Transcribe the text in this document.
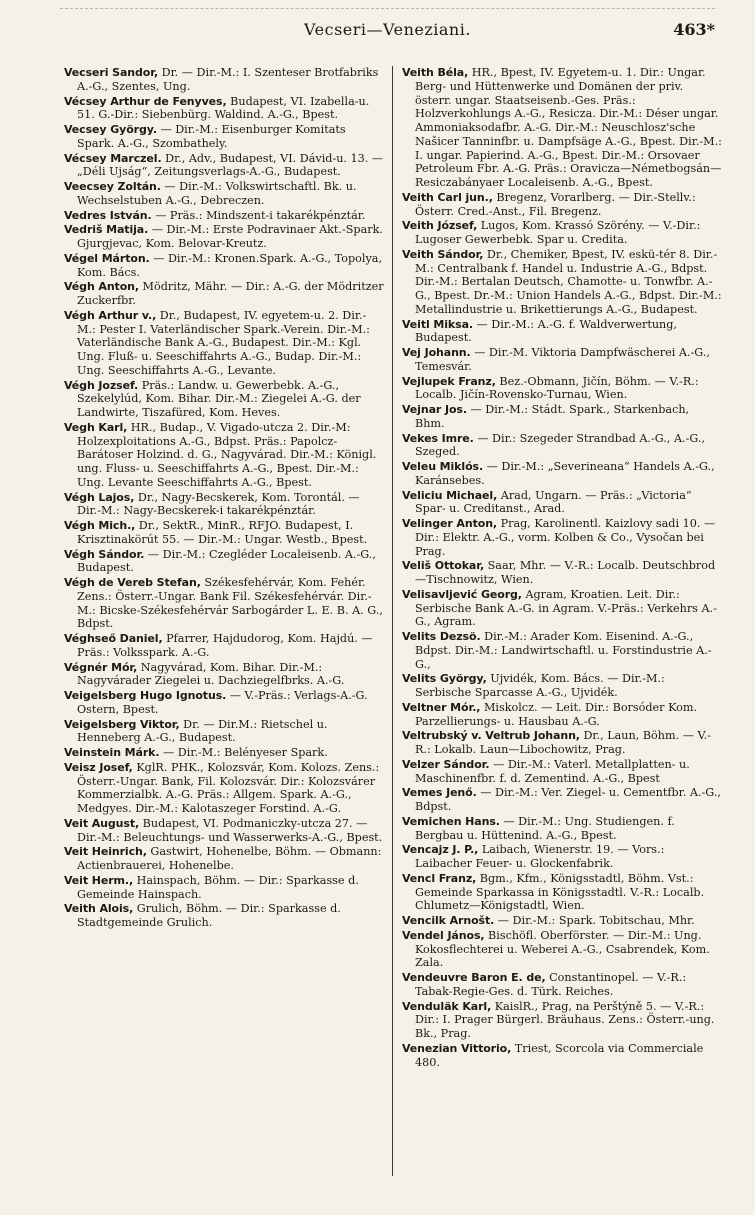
Vecseri—Veneziani.	463*
Vecseri Sandor, Dr. — Dir.-M.: I. Szenteser Brotfabriks A.-G., Szentes, Ung.
Vécsey Arthur de Fenyves, Budapest, VI. Izabella-u. 51. G.-Dir.: Siebenbürg. Waldind. A.-G., Bpest.
Vecsey György. — Dir.-M.: Eisenburger Komitats Spark. A.-G., Szombathely.
Vécsey Marczel. Dr., Adv., Budapest, VI. Dávid-u. 13. — „Déli Ujság“, Zeitungsverlags-A.-G., Budapest.
Veecsey Zoltán. — Dir.-M.: Volkswirtschaftl. Bk. u. Wechselstuben A.-G., Debreczen.
Vedres István. — Präs.: Mindszent-i takarékpénztár.
Vedriš Matija. — Dir.-M.: Erste Podravinaer Akt.-Spark. Gjurgjevac, Kom. Belovar-Kreutz.
Végel Márton. — Dir.-M.: Kronen.Spark. A.-G., Topolya, Kom. Bács.
Végh Anton, Mödritz, Mähr. — Dir.: A.-G. der Mödritzer Zuckerfbr.
Végh Arthur v., Dr., Budapest, IV. egyetem-u. 2. Dir.-M.: Pester I. Vaterländischer Spark.-Verein. Dir.-M.: Vaterländische Bank A.-G., Budapest. Dir.-M.: Kgl. Ung. Fluß- u. Seeschiffahrts A.-G., Budap. Dir.-M.: Ung. Seeschiffahrts A.-G., Levante.
Végh Jozsef. Präs.: Landw. u. Gewerbebk. A.-G., Szekelylúd, Kom. Bihar. Dir.-M.: Ziegelei A.-G. der Landwirte, Tiszafüred, Kom. Heves.
Vegh Karl, HR., Budap., V. Vigado-utcza 2. Dir.-M: Holzexploitations A.-G., Bdpst. Präs.: Papolcz-Barátoser Holzind. d. G., Nagyvárad. Dir.-M.: Königl. ung. Fluss- u. Seeschiffahrts A.-G., Bpest. Dir.-M.: Ung. Levante Seeschiffahrts A.-G., Bpest.
Végh Lajos, Dr., Nagy-Becskerek, Kom. Torontál. — Dir.-M.: Nagy-Becskerek-i takarékpénztár.
Végh Mich., Dr., SektR., MinR., RFJO. Budapest, I. Krisztinakörút 55. — Dir.-M.: Ungar. Westb., Bpest.
Végh Sándor. — Dir.-M.: Czegléder Localeisenb. A.-G., Budapest.
Végh de Vereb Stefan, Székesfehérvár, Kom. Fehér. Zens.: Österr.-Ungar. Bank Fil. Székesfehérvár. Dir.-M.: Bicske-Székesfehérvár Sarbogárder L. E. B. A. G., Bdpst.
Véghseő Daniel, Pfarrer, Hajdudorog, Kom. Hajdú. — Präs.: Volksspark. A.-G.
Végnér Mór, Nagyvárad, Kom. Bihar. Dir.-M.: Nagyvárader Ziegelei u. Dachziegelfbrks. A.-G.
Veigelsberg Hugo Ignotus. — V.-Präs.: Verlags-A.-G. Ostern, Bpest.
Veigelsberg Viktor, Dr. — Dir.M.: Rietschel u. Henneberg A.-G., Budapest.
Veinstein Márk. — Dir.-M.: Belényeser Spark.
Veisz Josef, KglR. PHK., Kolozsvár, Kom. Kolozs. Zens.: Österr.-Ungar. Bank, Fil. Kolozsvár. Dir.: Kolozsvárer Kommerzialbk. A.-G. Präs.: Allgem. Spark. A.-G., Medgyes. Dir.-M.: Kalotaszeger Forstind. A.-G.
Veit August, Budapest, VI. Podmaniczky-utcza 27. — Dir.-M.: Beleuchtungs- und Wasserwerks-A.-G., Bpest.
Veit Heinrich, Gastwirt, Hohenelbe, Böhm. — Obmann: Actienbrauerei, Hohenelbe.
Veit Herm., Hainspach, Böhm. — Dir.: Sparkasse d. Gemeinde Hainspach.
Veith Alois, Grulich, Böhm. — Dir.: Sparkasse d. Stadtgemeinde Grulich.
Veith Béla, HR., Bpest, IV. Egyetem-u. 1. Dir.: Ungar. Berg- und Hüttenwerke und Domänen der priv. österr. ungar. Staatseisenb.-Ges. Präs.: Holzverkohlungs A.-G., Resicza. Dir.-M.: Déser ungar. Ammoniaksodafbr. A.-G. Dir.-M.: Neuschlosz'sche Našicer Tanninfbr. u. Dampfsäge A.-G., Bpest. Dir.-M.: I. ungar. Papierind. A.-G., Bpest. Dir.-M.: Orsovaer Petroleum Fbr. A.-G. Präs.: Oravicza—Németbogsán—Resiczabányaer Localeisenb. A.-G., Bpest.
Veith Carl jun., Bregenz, Vorarlberg. — Dir.-Stellv.: Österr. Cred.-Anst., Fil. Bregenz.
Veith József, Lugos, Kom. Krassó Szörény. — V.-Dir.: Lugoser Gewerbebk. Spar u. Credita.
Veith Sándor, Dr., Chemiker, Bpest, IV. eskü-tér 8. Dir.-M.: Centralbank f. Handel u. Industrie A.-G., Bdpst. Dir.-M.: Bertalan Deutsch, Chamotte- u. Tonwfbr. A.-G., Bpest. Dr.-M.: Union Handels A.-G., Bdpst. Dir.-M.: Metallindustrie u. Brikettierungs A.-G., Budapest.
Veitl Miksa. — Dir.-M.: A.-G. f. Waldverwertung, Budapest.
Vej Johann. — Dir.-M. Viktoria Dampfwäscherei A.-G., Temesvár.
Vejlupek Franz, Bez.-Obmann, Jičín, Böhm. — V.-R.: Localb. Jičín-Rovensko-Turnau, Wien.
Vejnar Jos. — Dir.-M.: Stádt. Spark., Starkenbach, Bhm.
Vekes Imre. — Dir.: Szegeder Strandbad A.-G., A.-G., Szeged.
Veleu Miklós. — Dir.-M.: „Severineana“ Handels A.-G., Karánsebes.
Veliciu Michael, Arad, Ungarn. — Präs.: „Victoria“ Spar- u. Creditanst., Arad.
Velinger Anton, Prag, Karolinentl. Kaizlovy sadi 10. — Dir.: Elektr. A.-G., vorm. Kolben & Co., Vysočan bei Prag.
Veliš Ottokar, Saar, Mhr. — V.-R.: Localb. Deutschbrod—Tischnowitz, Wien.
Velisavljević Georg, Agram, Kroatien. Leit. Dir.: Serbische Bank A.-G. in Agram. V.-Präs.: Verkehrs A.-G., Agram.
Velits Dezsö. Dir.-M.: Arader Kom. Eisenind. A.-G., Bdpst. Dir.-M.: Landwirtschaftl. u. Forstindustrie A.-G.,
Velits György, Ujvidék, Kom. Bács. — Dir.-M.: Serbische Sparcasse A.-G., Ujvidék.
Veltner Mór., Miskolcz. — Leit. Dir.: Borsóder Kom. Parzellierungs- u. Hausbau A.-G.
Veltrubský v. Veltrub Johann, Dr., Laun, Böhm. — V.-R.: Lokalb. Laun—Libochowitz, Prag.
Velzer Sándor. — Dir.-M.: Vaterl. Metallplatten- u. Maschinenfbr. f. d. Zementind. A.-G., Bpest
Vemes Jenő. — Dir.-M.: Ver. Ziegel- u. Cementfbr. A.-G., Bdpst.
Vemichen Hans. — Dir.-M.: Ung. Studiengen. f. Bergbau u. Hüttenind. A.-G., Bpest.
Vencajz J. P., Laibach, Wienerstr. 19. — Vors.: Laibacher Feuer- u. Glockenfabrik.
Vencl Franz, Bgm., Kfm., Königsstadtl, Böhm. Vst.: Gemeinde Sparkassa in Königsstadtl. V.-R.: Localb. Chlumetz—Königstadtl, Wien.
Vencilk Arnošt. — Dir.-M.: Spark. Tobitschau, Mhr.
Vendel János, Bischöfl. Oberförster. — Dir.-M.: Ung. Kokosflechterei u. Weberei A.-G., Csabrendek, Kom. Zala.
Vendeuvre Baron E. de, Constantinopel. — V.-R.: Tabak-Regie-Ges. d. Türk. Reiches.
Venduläk Karl, KaislR., Prag, na Perštýně 5. — V.-R.: Dir.: I. Prager Bürgerl. Bräuhaus. Zens.: Österr.-ung. Bk., Prag.
Venezian Vittorio, Triest, Scorcola via Commerciale 480.
